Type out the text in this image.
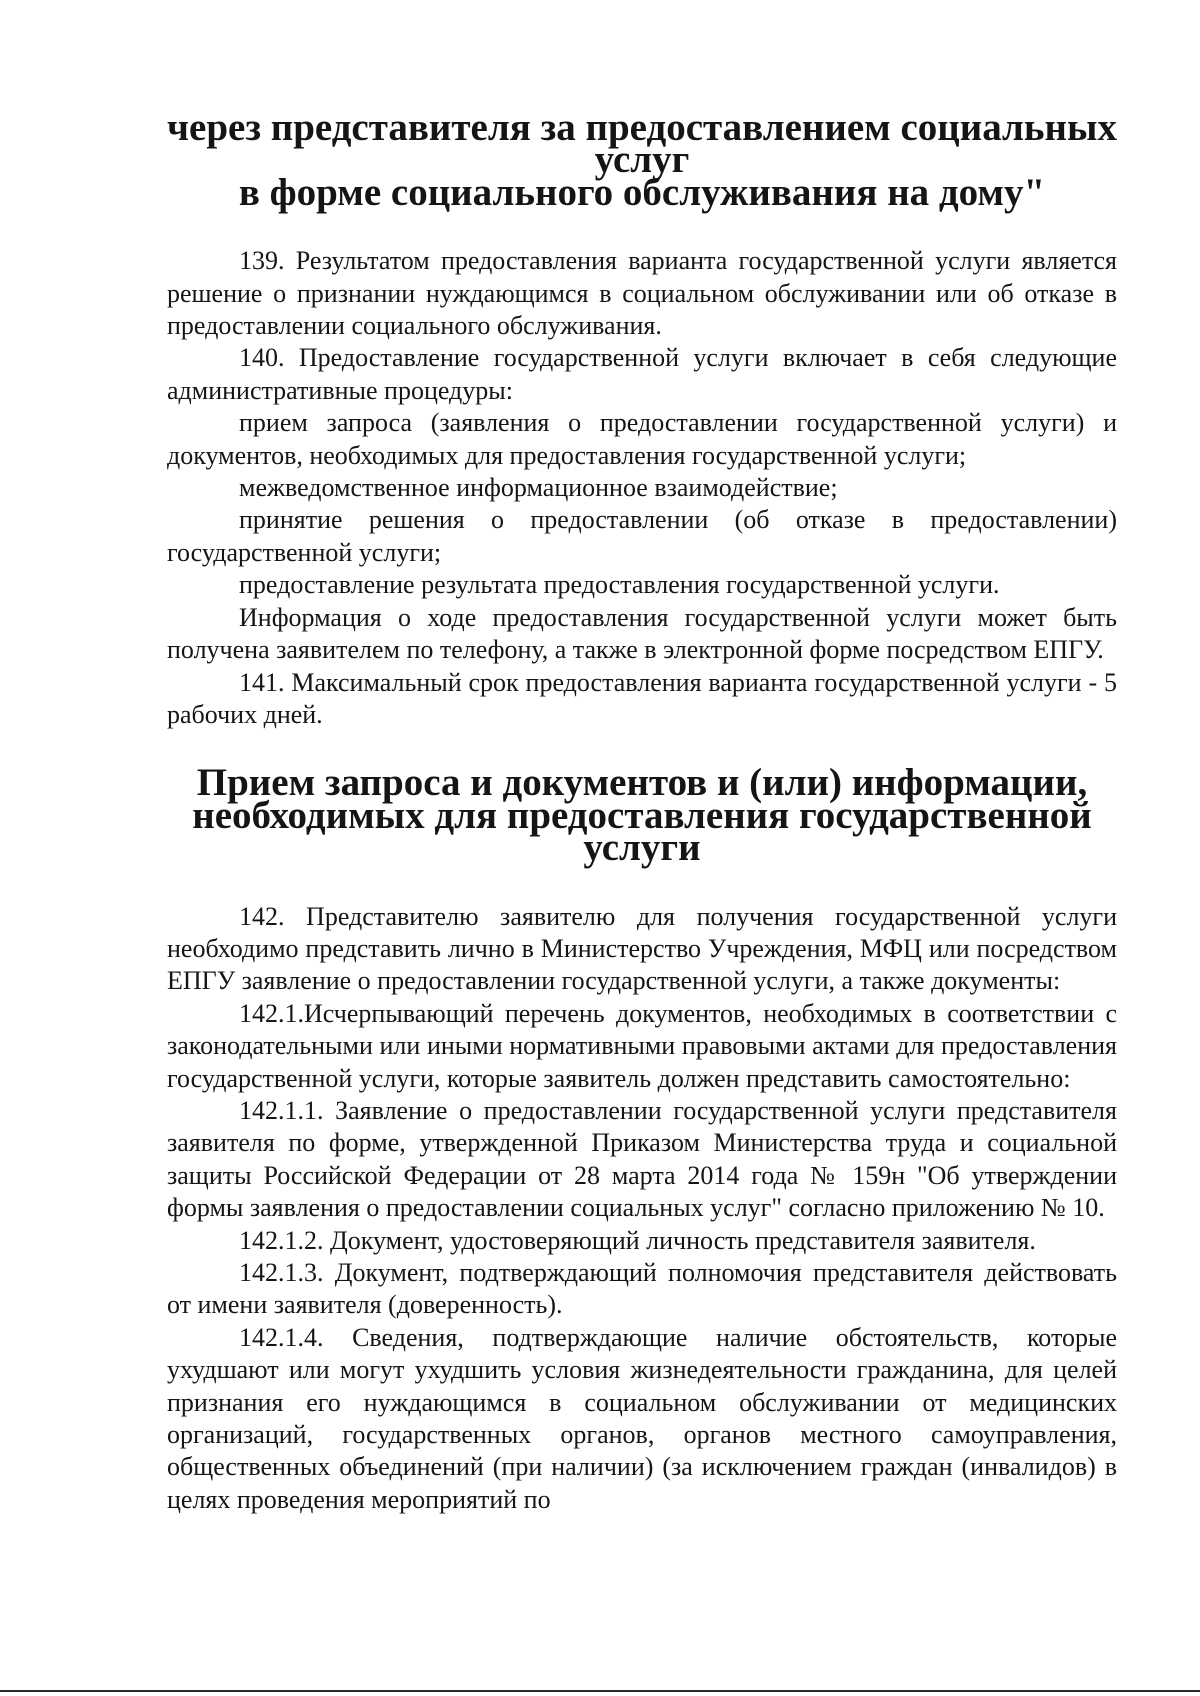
через представителя за предоставлением социальных услуг
в форме социального обслуживания на дому"

139. Результатом предоставления варианта государственной услуги является решение о признании нуждающимся в социальном обслуживании или об отказе в предоставлении социального обслуживания.

140. Предоставление государственной услуги включает в себя следующие административные процедуры:

прием запроса (заявления о предоставлении государственной услуги) и документов, необходимых для предоставления государственной услуги;

межведомственное информационное взаимодействие;

принятие решения о предоставлении (об отказе в предоставлении) государственной услуги;

предоставление результата предоставления государственной услуги.

Информация о ходе предоставления государственной услуги может быть получена заявителем по телефону, а также в электронной форме посредством ЕПГУ.

141. Максимальный срок предоставления варианта государственной услуги - 5 рабочих дней.

Прием запроса и документов и (или) информации,
необходимых для предоставления государственной услуги

142. Представителю заявителю для получения государственной услуги необходимо представить лично в Министерство Учреждения, МФЦ или посредством ЕПГУ заявление о предоставлении государственной услуги, а также документы:

142.1.Исчерпывающий перечень документов, необходимых в соответствии с законодательными или иными нормативными правовыми актами для предоставления государственной услуги, которые заявитель должен представить самостоятельно:

142.1.1. Заявление о предоставлении государственной услуги представителя заявителя по форме, утвержденной Приказом Министерства труда и социальной защиты Российской Федерации от 28 марта 2014 года № 159н "Об утверждении формы заявления о предоставлении социальных услуг" согласно приложению № 10.

142.1.2. Документ, удостоверяющий личность представителя заявителя.

142.1.3. Документ, подтверждающий полномочия представителя действовать от имени заявителя (доверенность).

142.1.4. Сведения, подтверждающие наличие обстоятельств, которые ухудшают или могут ухудшить условия жизнедеятельности гражданина, для целей признания его нуждающимся в социальном обслуживании от медицинских организаций, государственных органов, органов местного самоуправления, общественных объединений (при наличии) (за исключением граждан (инвалидов) в целях проведения мероприятий по
